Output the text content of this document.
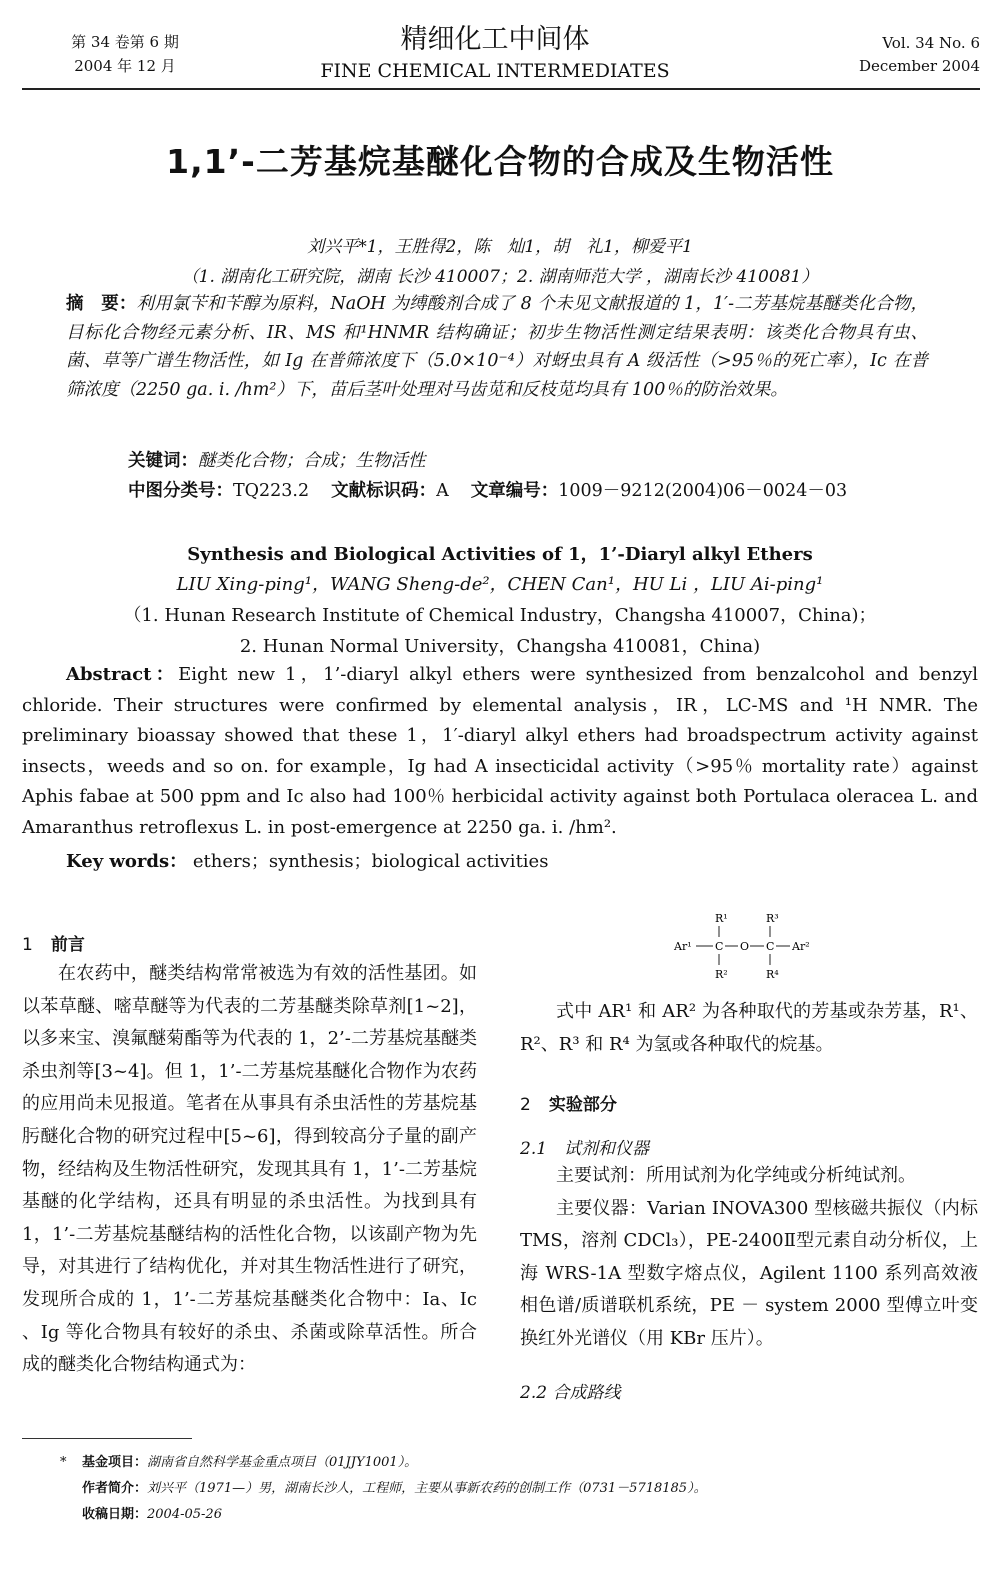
第 34 卷第 6 期
2004 年 12 月
精细化工中间体
FINE CHEMICAL INTERMEDIATES
Vol. 34 No. 6
December 2004
1,1’-二芳基烷基醚化合物的合成及生物活性
刘兴平*1，王胜得2，陈　灿1，胡　礼1，柳爱平1
（1. 湖南化工研究院，湖南 长沙 410007；2. 湖南师范大学 ，湖南长沙 410081）
摘　要：利用氯苄和苄醇为原料，NaOH 为缚酸剂合成了 8 个未见文献报道的 1，1′-二芳基烷基醚类化合物，目标化合物经元素分析、IR、MS 和¹HNMR 结构确证；初步生物活性测定结果表明：该类化合物具有虫、菌、草等广谱生物活性，如 Ig 在普筛浓度下（5.0×10⁻⁴）对蚜虫具有 A 级活性（>95％的死亡率），Ic 在普筛浓度（2250 ga. i. /hm²）下，苗后茎叶处理对马齿苋和反枝苋均具有 100％的防治效果。
关键词：醚类化合物；合成；生物活性
中图分类号：TQ223.2 文献标识码：A 文章编号：1009－9212(2004)06－0024－03
Synthesis and Biological Activities of 1，1’-Diaryl alkyl Ethers
LIU Xing-ping¹，WANG Sheng-de²，CHEN Can¹，HU Li ，LIU Ai-ping¹
（1. Hunan Research Institute of Chemical Industry，Changsha 410007，China)；
2. Hunan Normal University，Changsha 410081，China)
Abstract：Eight new 1，1’-diaryl alkyl ethers were synthesized from benzalcohol and benzyl chloride. Their structures were confirmed by elemental analysis，IR，LC-MS and ¹H NMR. The preliminary bioassay showed that these 1，1′-diaryl alkyl ethers had broadspectrum activity against insects，weeds and so on. for example，Ig had A insecticidal activity（>95％ mortality rate）against Aphis fabae at 500 ppm and Ic also had 100％ herbicidal activity against both Portulaca oleracea L. and Amaranthus retroflexus L. in post-emergence at 2250 ga. i. /hm².
Key words： ethers；synthesis；biological activities
1 前言

在农药中，醚类结构常常被选为有效的活性基团。如以苯草醚、嘧草醚等为代表的二芳基醚类除草剂[1~2]，以多来宝、溴氟醚菊酯等为代表的 1，2’-二芳基烷基醚类杀虫剂等[3~4]。但 1，1’-二芳基烷基醚化合物作为农药的应用尚未见报道。笔者在从事具有杀虫活性的芳基烷基肟醚化合物的研究过程中[5~6]，得到较高分子量的副产物，经结构及生物活性研究，发现其具有 1，1’-二芳基烷基醚的化学结构，还具有明显的杀虫活性。为找到具有 1，1’-二芳基烷基醚结构的活性化合物，以该副产物为先导，对其进行了结构优化，并对其生物活性进行了研究，发现所合成的 1，1’-二芳基烷基醚类化合物中：Ia、Ic 、Ig 等化合物具有较好的杀虫、杀菌或除草活性。所合成的醚类化合物结构通式为：

R¹	R³
Ar¹ C O C Ar²
R²	R⁴

式中 AR¹ 和 AR² 为各种取代的芳基或杂芳基，R¹、R²、R³ 和 R⁴ 为氢或各种取代的烷基。

2 实验部分
2.1　试剂和仪器

主要试剂：所用试剂为化学纯或分析纯试剂。

主要仪器：Varian INOVA300 型核磁共振仪（内标 TMS，溶剂 CDCl₃），PE-2400Ⅱ型元素自动分析仪，上海 WRS-1A 型数字熔点仪，Agilent 1100 系列高效液相色谱/质谱联机系统，PE － system 2000 型傅立叶变换红外光谱仪（用 KBr 压片）。

2.2 合成路线
* 基金项目：湖南省自然科学基金重点项目（01JJY1001）。
作者简介：刘兴平（1971—）男，湖南长沙人，工程师，主要从事新农药的创制工作（0731－5718185）。
收稿日期：2004-05-26
